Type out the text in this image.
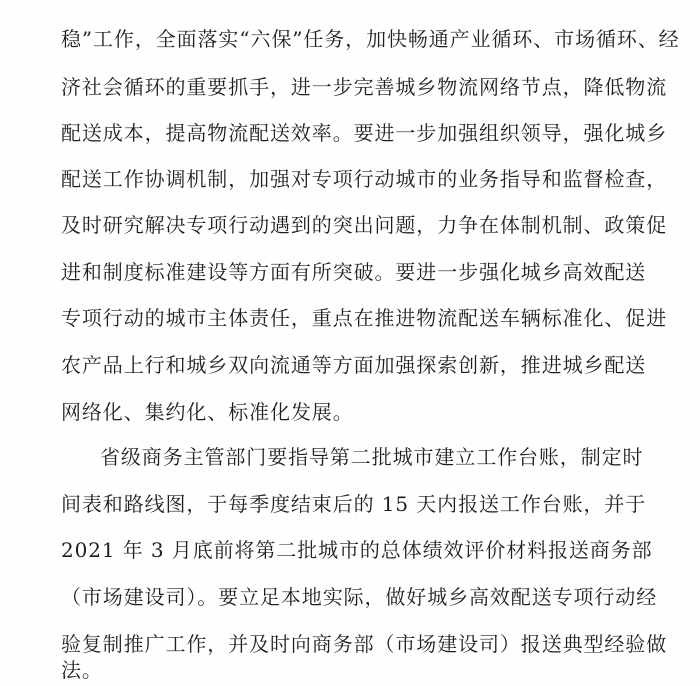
稳”工作，全面落实“六保”任务，加快畅通产业循环、市场循环、经
济社会循环的重要抓手，进一步完善城乡物流网络节点，降低物流
配送成本，提高物流配送效率。要进一步加强组织领导，强化城乡
配送工作协调机制，加强对专项行动城市的业务指导和监督检查，
及时研究解决专项行动遇到的突出问题，力争在体制机制、政策促
进和制度标准建设等方面有所突破。要进一步强化城乡高效配送
专项行动的城市主体责任，重点在推进物流配送车辆标准化、促进
农产品上行和城乡双向流通等方面加强探索创新，推进城乡配送
网络化、集约化、标准化发展。
省级商务主管部门要指导第二批城市建立工作台账，制定时
间表和路线图，于每季度结束后的 15 天内报送工作台账，并于
2021 年 3 月底前将第二批城市的总体绩效评价材料报送商务部
（市场建设司）。要立足本地实际，做好城乡高效配送专项行动经
验复制推广工作，并及时向商务部（市场建设司）报送典型经验做
法。
